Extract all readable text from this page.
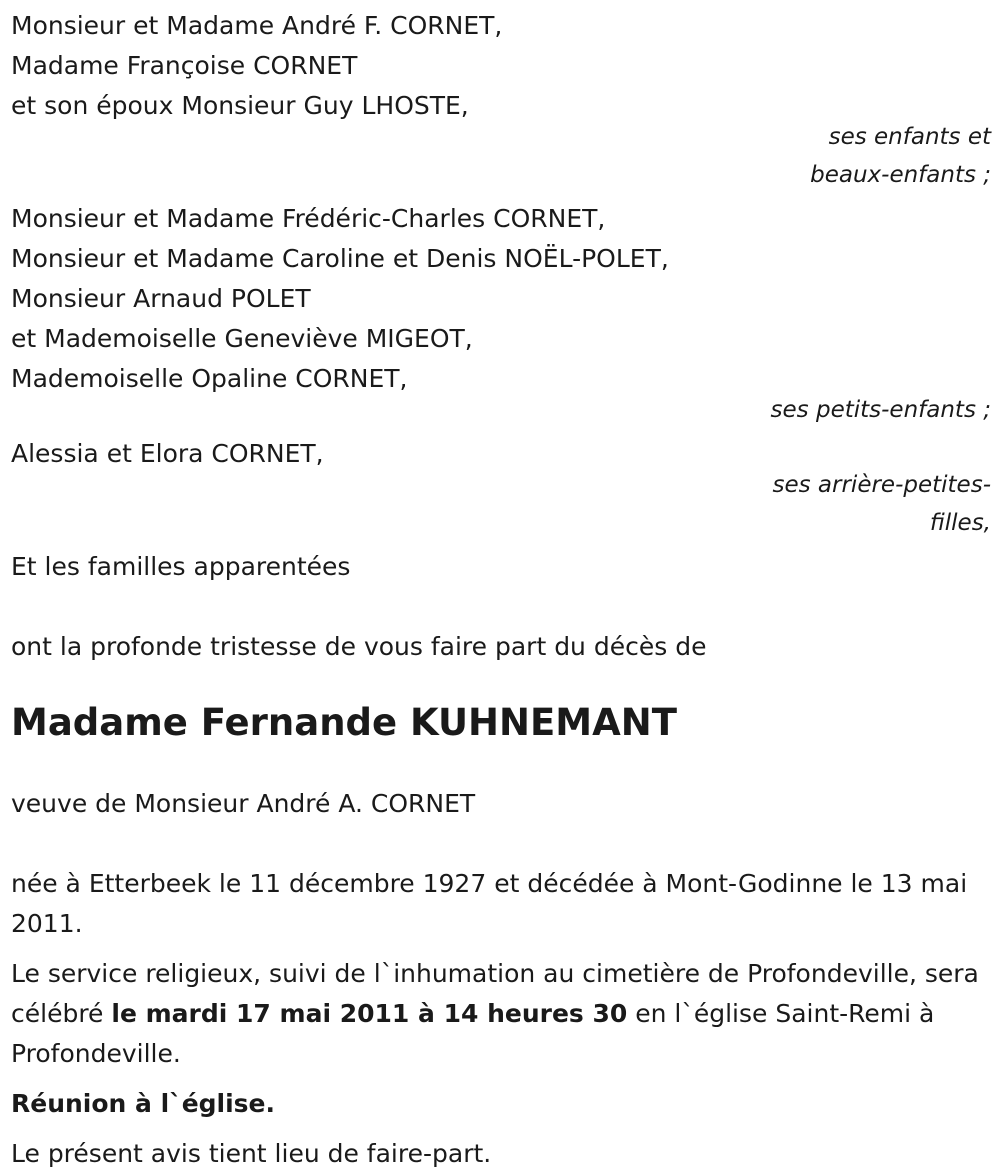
Monsieur et Madame André F. CORNET,

Madame Françoise CORNET

et son époux Monsieur Guy LHOSTE,

ses enfants et

beaux-enfants ;

Monsieur et Madame Frédéric-Charles CORNET,

Monsieur et Madame Caroline et Denis NOËL-POLET,

Monsieur Arnaud POLET

et Mademoiselle Geneviève MIGEOT,

Mademoiselle Opaline CORNET,

ses petits-enfants ;

Alessia et Elora CORNET,

ses arrière-petites-

filles,

Et les familles apparentées

ont la profonde tristesse de vous faire part du décès de

Madame Fernande KUHNEMANT

veuve de Monsieur André A. CORNET

née à Etterbeek le 11 décembre 1927 et décédée à Mont-Godinne le 13 mai 2011.

Le service religieux, suivi de l`inhumation au cimetière de Profondeville, sera célébré le mardi 17 mai 2011 à 14 heures 30 en l`église Saint-Remi à Profondeville.

Réunion à l`église.

Le présent avis tient lieu de faire-part.
